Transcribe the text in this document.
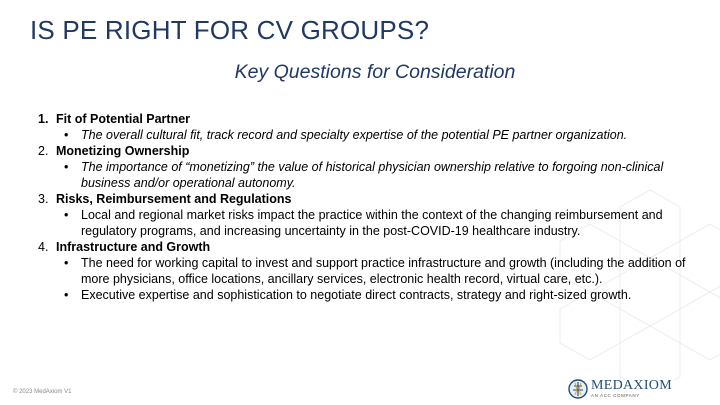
IS PE RIGHT FOR CV GROUPS?
Key Questions for Consideration
1. Fit of Potential Partner
•	The overall cultural fit, track record and specialty expertise of the potential PE partner organization.
2. Monetizing Ownership
•	The importance of “monetizing” the value of historical physician ownership relative to forgoing non-clinical business and/or operational autonomy.
3. Risks, Reimbursement and Regulations
•	Local and regional market risks impact the practice within the context of the changing reimbursement and regulatory programs, and increasing uncertainty in the post-COVID-19 healthcare industry.
4. Infrastructure and Growth
•	The need for working capital to invest and support practice infrastructure and growth (including the addition of more physicians, office locations, ancillary services, electronic health record, virtual care, etc.).
•	Executive expertise and sophistication to negotiate direct contracts, strategy and right-sized growth.
© 2023 MedAxiom V1	MEDAXIOM
AN ACC COMPANY
